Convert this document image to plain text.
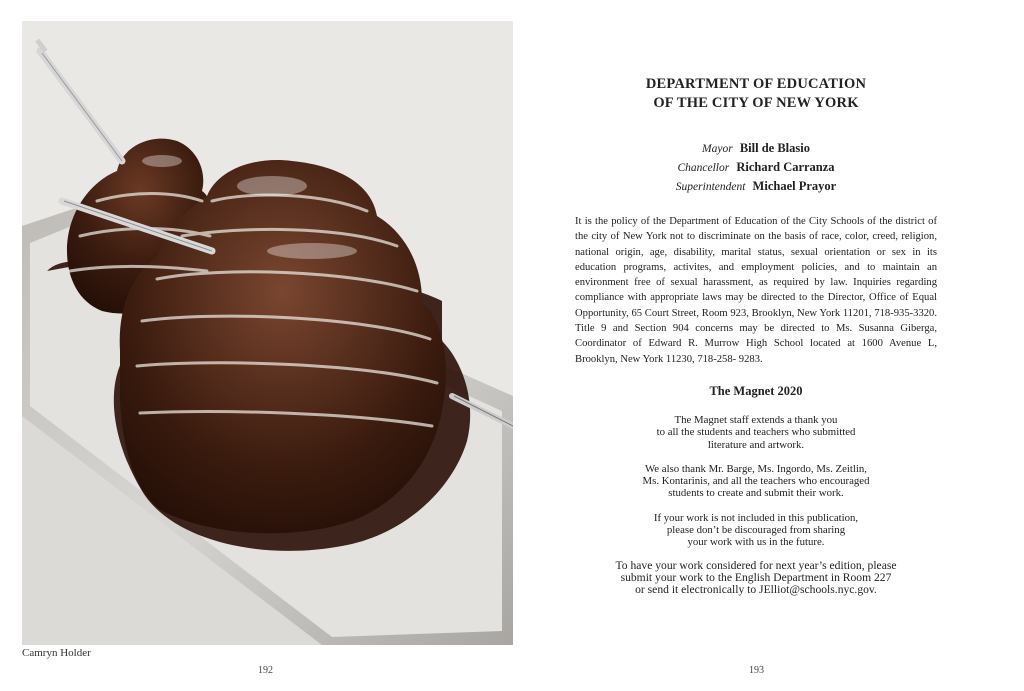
Camryn Holder
192
DEPARTMENT OF EDUCATION
OF THE CITY OF NEW YORK
Mayor Bill de Blasio
Chancellor Richard Carranza
Superintendent Michael Prayor
It is the policy of the Department of Education of the City Schools of the district of the city of New York not to discriminate on the basis of race, color, creed, religion, national origin, age, disability, marital status, sexual orientation or sex in its education programs, activites, and employment policies, and to maintain an environment free of sexual harassment, as required by law. Inquiries regarding compliance with appropriate laws may be directed to the Director, Office of Equal Opportunity, 65 Court Street, Room 923, Brooklyn, New York 11201, 718-935-3320. Title 9 and Section 904 concerns may be directed to Ms. Susanna Giberga, Coordinator of Edward R. Murrow High School located at 1600 Avenue L, Brooklyn, New York 11230, 718-258- 9283.
The Magnet 2020

The Magnet staff extends a thank you
to all the students and teachers who submitted
literature and artwork.

We also thank Mr. Barge, Ms. Ingordo, Ms. Zeitlin,
Ms. Kontarinis, and all the teachers who encouraged
students to create and submit their work.

If your work is not included in this publication,
please don’t be discouraged from sharing
your work with us in the future.

To have your work considered for next year’s edition, please
submit your work to the English Department in Room 227
or send it electronically to JElliot@schools.nyc.gov.
193
